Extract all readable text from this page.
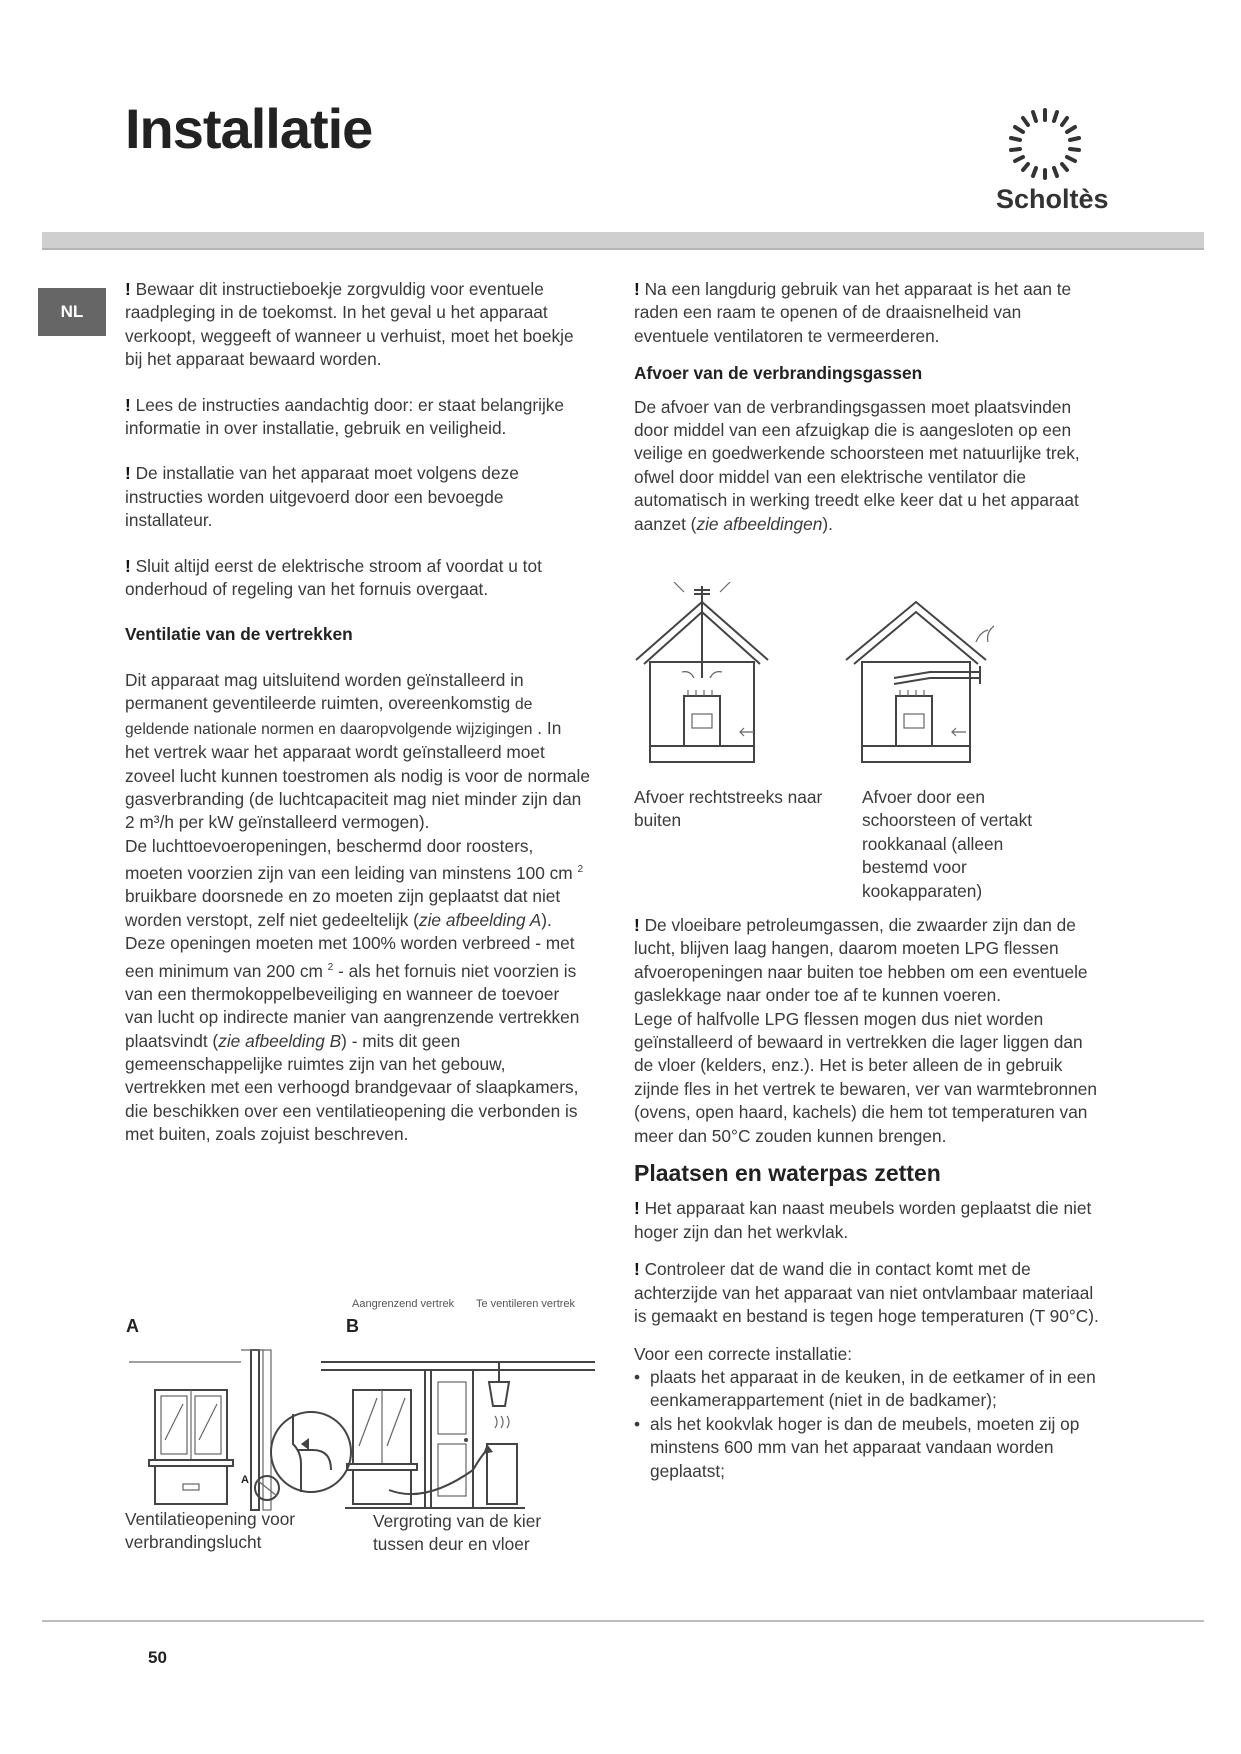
Installatie
Scholtès
NL

! Bewaar dit instructieboekje zorgvuldig voor eventuele raadpleging in de toekomst. In het geval u het apparaat verkoopt, weggeeft of wanneer u verhuist, moet het boekje bij het apparaat bewaard worden.

! Lees de instructies aandachtig door: er staat belangrijke informatie in over installatie, gebruik en veiligheid.

! De installatie van het apparaat moet volgens deze instructies worden uitgevoerd door een bevoegde installateur.

! Sluit altijd eerst de elektrische stroom af voordat u tot onderhoud of regeling van het fornuis overgaat.

Ventilatie van de vertrekken

Dit apparaat mag uitsluitend worden geïnstalleerd in permanent geventileerde ruimten, overeenkomstig de geldende nationale normen en daaropvolgende wijzigingen . In het vertrek waar het apparaat wordt geïnstalleerd moet zoveel lucht kunnen toestromen als nodig is voor de normale gasverbranding (de luchtcapaciteit mag niet minder zijn dan 2 m³/h per kW geïnstalleerd vermogen).

De luchttoevoeropeningen, beschermd door roosters, moeten voorzien zijn van een leiding van minstens 100 cm $^2$ bruikbare doorsnede en zo moeten zijn geplaatst dat niet worden verstopt, zelf niet gedeeltelijk (zie afbeelding A).

Deze openingen moeten met 100% worden verbreed - met een minimum van 200 cm $^2$ - als het fornuis niet voorzien is van een thermokoppelbeveiliging en wanneer de toevoer van lucht op indirecte manier van aangrenzende vertrekken plaatsvindt (zie afbeelding B) - mits dit geen gemeenschappelijke ruimtes zijn van het gebouw, vertrekken met een verhoogd brandgevaar of slaapkamers, die beschikken over een ventilatieopening die verbonden is met buiten, zoals zojuist beschreven.

Aangrenzend vertrek Te ventileren vertrek
A	B
A
Ventilatieopening voor verbrandingslucht
Vergroting van de kier tussen deur en vloer

! Na een langdurig gebruik van het apparaat is het aan te raden een raam te openen of de draaisnelheid van eventuele ventilatoren te vermeerderen.

Afvoer van de verbrandingsgassen

De afvoer van de verbrandingsgassen moet plaatsvinden door middel van een afzuigkap die is aangesloten op een veilige en goedwerkende schoorsteen met natuurlijke trek, ofwel door middel van een elektrische ventilator die automatisch in werking treedt elke keer dat u het apparaat aanzet (zie afbeeldingen).

Afvoer rechtstreeks naar buiten
Afvoer door een schoorsteen of vertakt rookkanaal (alleen bestemd voor kookapparaten)

! De vloeibare petroleumgassen, die zwaarder zijn dan de lucht, blijven laag hangen, daarom moeten LPG flessen afvoeropeningen naar buiten toe hebben om een eventuele gaslekkage naar onder toe af te kunnen voeren.

Lege of halfvolle LPG flessen mogen dus niet worden geïnstalleerd of bewaard in vertrekken die lager liggen dan de vloer (kelders, enz.). Het is beter alleen de in gebruik zijnde fles in het vertrek te bewaren, ver van warmtebronnen (ovens, open haard, kachels) die hem tot temperaturen van meer dan 50°C zouden kunnen brengen.

Plaatsen en waterpas zetten

! Het apparaat kan naast meubels worden geplaatst die niet hoger zijn dan het werkvlak.

! Controleer dat de wand die in contact komt met de achterzijde van het apparaat van niet ontvlambaar materiaal is gemaakt en bestand is tegen hoge temperaturen (T 90°C).

Voor een correcte installatie:

• plaats het apparaat in de keuken, in de eetkamer of in een eenkamerappartement (niet in de badkamer);
• als het kookvlak hoger is dan de meubels, moeten zij op minstens 600 mm van het apparaat vandaan worden geplaatst;
50
